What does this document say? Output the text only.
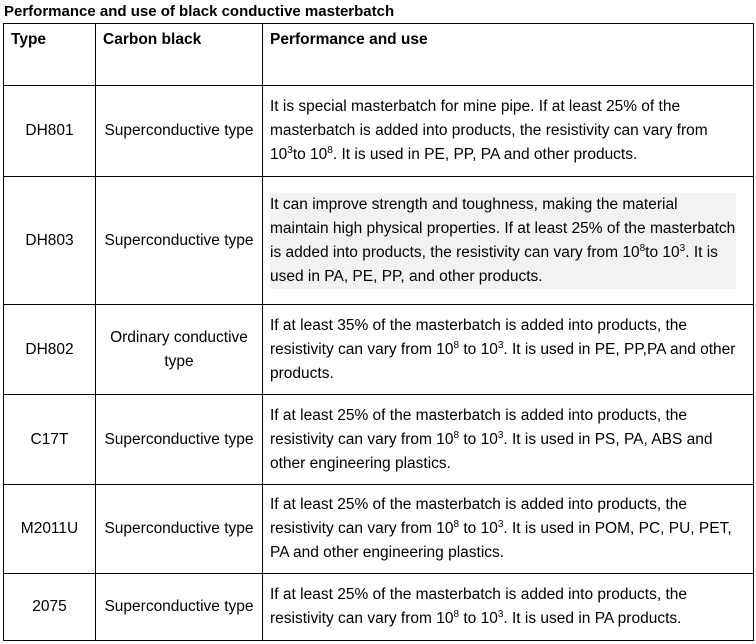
Performance and use of black conductive masterbatch
Type	Carbon black	Performance and use
DH801	Superconductive type	It is special masterbatch for mine pipe. If at least 25% of the masterbatch is added into products, the resistivity can vary from $10^3to$ $10^8$. It is used in PE, PP, PA and other products.
DH803	Superconductive type	It can improve strength and toughness, making the material maintain high physical properties. If at least 25% of the masterbatch is added into products, the resistivity can vary from $10^8to$ $10^3$. It is used in PA, PE, PP, and other products.

DH802	Ordinary conductive type	If at least 35% of the masterbatch is added into products, the resistivity can vary from $10^8$ to $10^3$. It is used in PE, PP,PA and other products.
C17T	Superconductive type	If at least 25% of the masterbatch is added into products, the resistivity can vary from $10^8$ to $10^3$. It is used in PS, PA, ABS and other engineering plastics.
M2011U	Superconductive type	If at least 25% of the masterbatch is added into products, the resistivity can vary from $10^8$ to $10^3$. It is used in POM, PC, PU, PET, PA and other engineering plastics.
2075	Superconductive type	If at least 25% of the masterbatch is added into products, the resistivity can vary from $10^8$ to $10^3$. It is used in PA products.
